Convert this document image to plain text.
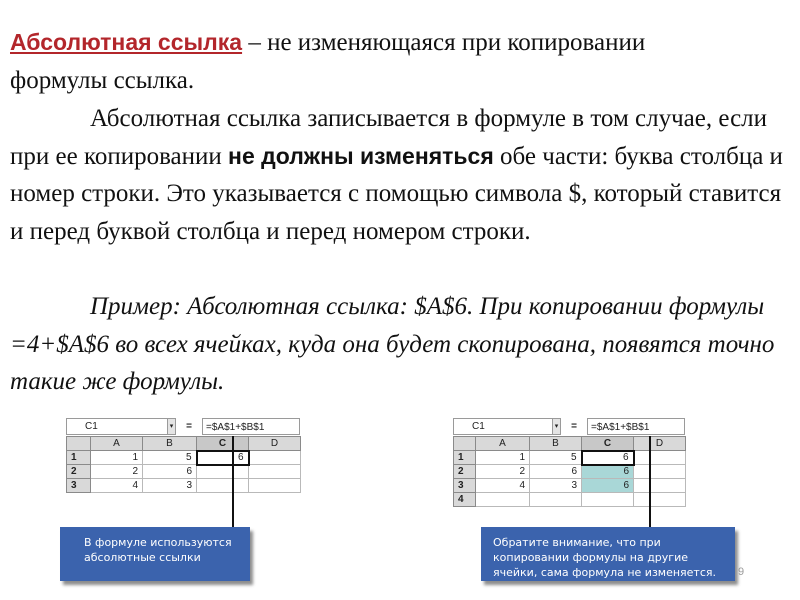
Абсолютная ссылка – не изменяющаяся при копировании
формулы ссылка.
Абсолютная ссылка записывается в формуле в том случае, если при ее копировании не должны изменяться обе части: буква столбца и номер строки. Это указывается с помощью символа $, который ставится и перед буквой столбца и перед номером строки.
Пример: Абсолютная ссылка: $A$6. При копировании формулы =4+$A$6 во всех ячейках, куда она будет скопирована, появятся точно такие же формулы.
C1	▾	=	=$A$1+$B$1
	A	B	C	D
1	1	5	6	
2	2	6		
3	4	3		
C1	▾	=	=$A$1+$B$1
	A	B	C	D
1	1	5	6	
2	2	6	6	
3	4	3	6	
4				
В формуле используются абсолютные ссылки
Обратите внимание, что при копировании формулы на другие ячейки, сама формула не изменяется.	9
